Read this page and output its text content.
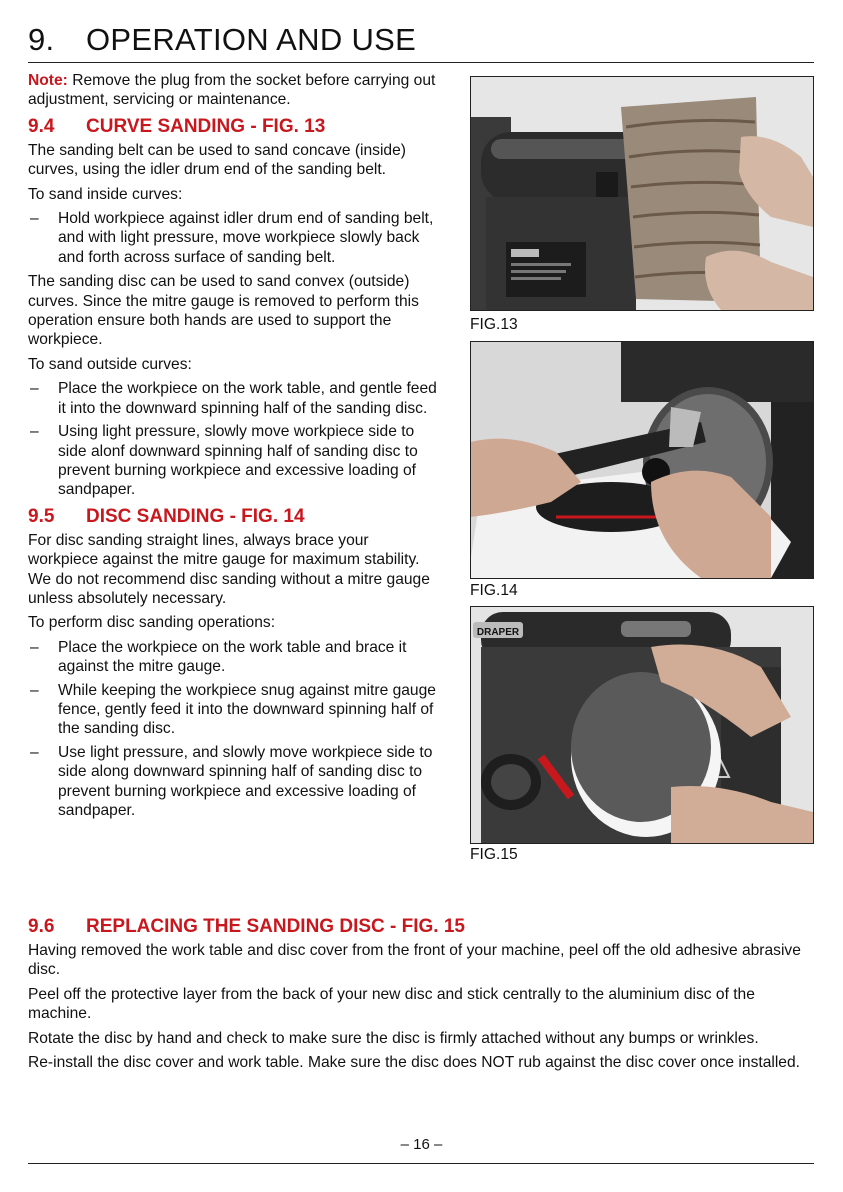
9. OPERATION AND USE

Note: Remove the plug from the socket before carrying out adjustment, servicing or maintenance.

9.4 CURVE SANDING - FIG. 13

The sanding belt can be used to sand concave (inside) curves, using the idler drum end of the sanding belt.

To sand inside curves:

– Hold workpiece against idler drum end of sanding belt, and with light pressure, move workpiece slowly back and forth across surface of sanding belt.

The sanding disc can be used to sand convex (outside) curves. Since the mitre gauge is removed to perform this operation ensure both hands are used to support the workpiece.

To sand outside curves:

– Place the workpiece on the work table, and gentle feed it into the downward spinning half of the sanding disc.
– Using light pressure, slowly move workpiece side to side alonf downward spinning half of sanding disc to prevent burning workpiece and excessive loading of sandpaper.
9.5 DISC SANDING - FIG. 14

For disc sanding straight lines, always brace your workpiece against the mitre gauge for maximum stability. We do not recommend disc sanding without a mitre gauge unless absolutely necessary.

To perform disc sanding operations:

– Place the workpiece on the work table and brace it against the mitre gauge.
– While keeping the workpiece snug against mitre gauge fence, gently feed it into the downward spinning half of the sanding disc.
– Use light pressure, and slowly move workpiece side to side along downward spinning half of sanding disc to prevent burning workpiece and excessive loading of sandpaper.
FIG.13
FIG.14
DRAPER
FIG.15
9.6 REPLACING THE SANDING DISC - FIG. 15

Having removed the work table and disc cover from the front of your machine, peel off the old adhesive abrasive disc.

Peel off the protective layer from the back of your new disc and stick centrally to the aluminium disc of the machine.

Rotate the disc by hand and check to make sure the disc is firmly attached without any bumps or wrinkles.

Re-install the disc cover and work table. Make sure the disc does NOT rub against the disc cover once installed.

– 16 –
